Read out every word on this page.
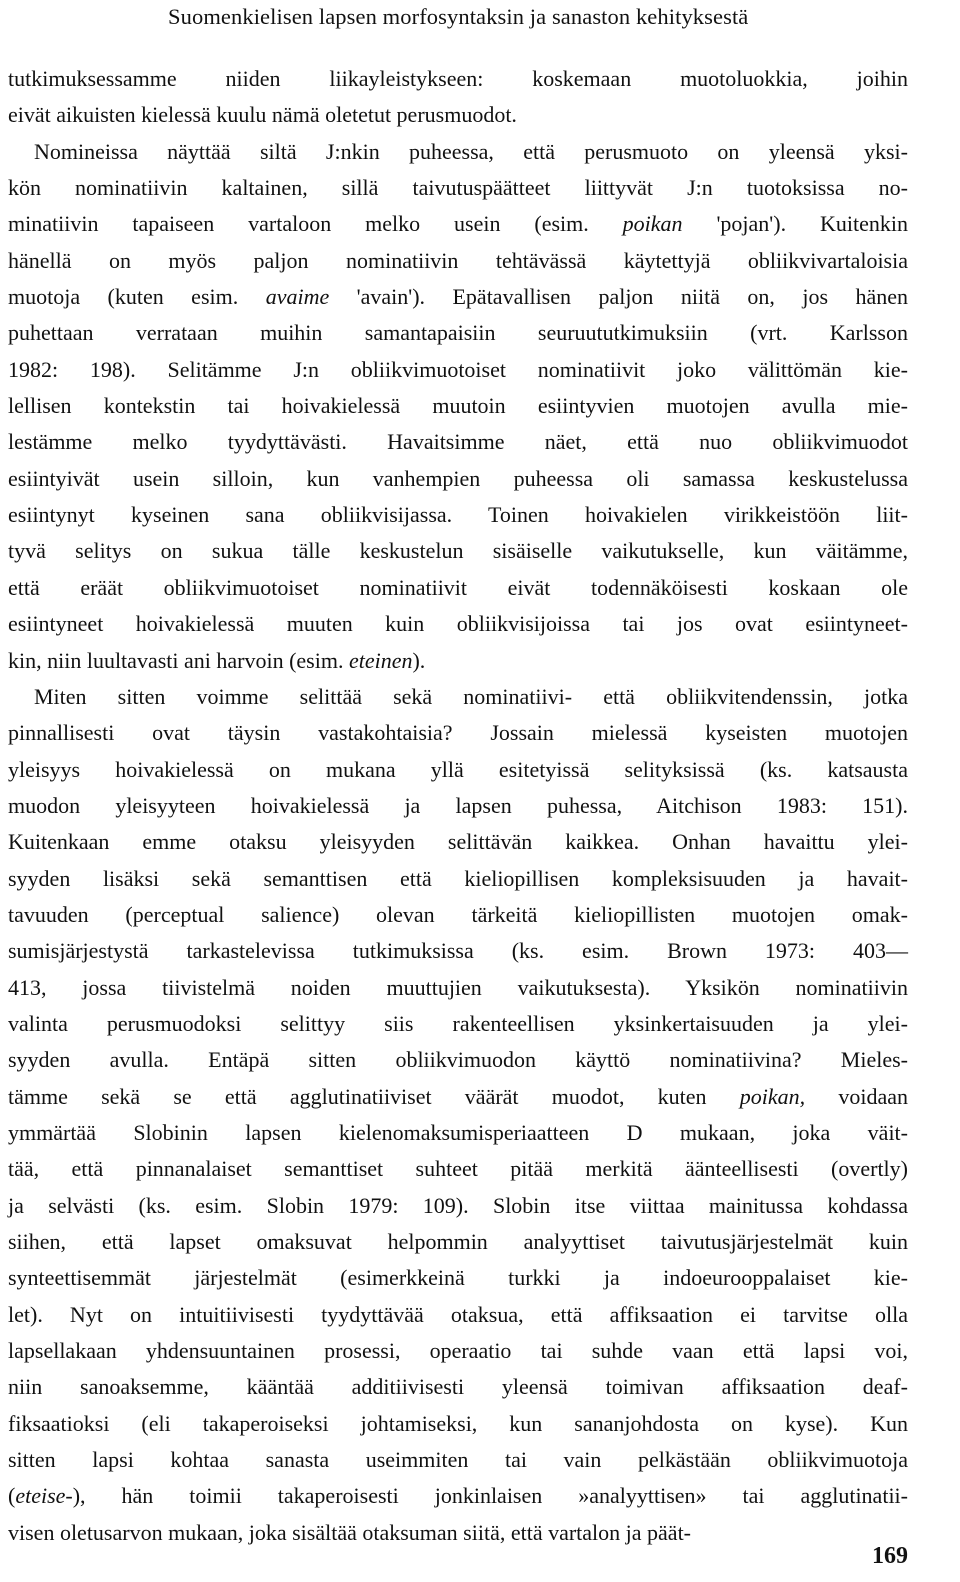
Suomenkielisen lapsen morfosyntaksin ja sanaston kehityksestä
tutkimuksessamme niiden liikayleistykseen: koskemaan muotoluokkia, joihin
eivät aikuisten kielessä kuulu nämä oletetut perusmuodot.
Nomineissa näyttää siltä J:nkin puheessa, että perusmuoto on yleensä yksi-
kön nominatiivin kaltainen, sillä taivutuspäätteet liittyvät J:n tuotoksissa no-
minatiivin tapaiseen vartaloon melko usein (esim. poikan 'pojan'). Kuitenkin
hänellä on myös paljon nominatiivin tehtävässä käytettyjä obliikvivartaloisia
muotoja (kuten esim. avaime 'avain'). Epätavallisen paljon niitä on, jos hänen
puhettaan verrataan muihin samantapaisiin seuruututkimuksiin (vrt. Karlsson
1982: 198). Selitämme J:n obliikvimuotoiset nominatiivit joko välittömän kie-
lellisen kontekstin tai hoivakielessä muutoin esiintyvien muotojen avulla mie-
lestämme melko tyydyttävästi. Havaitsimme näet, että nuo obliikvimuodot
esiintyivät usein silloin, kun vanhempien puheessa oli samassa keskustelussa
esiintynyt kyseinen sana obliikvisijassa. Toinen hoivakielen virikkeistöön liit-
tyvä selitys on sukua tälle keskustelun sisäiselle vaikutukselle, kun väitämme,
että eräät obliikvimuotoiset nominatiivit eivät todennäköisesti koskaan ole
esiintyneet hoivakielessä muuten kuin obliikvisijoissa tai jos ovat esiintyneet-
kin, niin luultavasti ani harvoin (esim. eteinen).
Miten sitten voimme selittää sekä nominatiivi- että obliikvitendenssin, jotka
pinnallisesti ovat täysin vastakohtaisia? Jossain mielessä kyseisten muotojen
yleisyys hoivakielessä on mukana yllä esitetyissä selityksissä (ks. katsausta
muodon yleisyyteen hoivakielessä ja lapsen puhessa, Aitchison 1983: 151).
Kuitenkaan emme otaksu yleisyyden selittävän kaikkea. Onhan havaittu ylei-
syyden lisäksi sekä semanttisen että kieliopillisen kompleksisuuden ja havait-
tavuuden (perceptual salience) olevan tärkeitä kieliopillisten muotojen omak-
sumisjärjestystä tarkastelevissa tutkimuksissa (ks. esim. Brown 1973: 403—
413, jossa tiivistelmä noiden muuttujien vaikutuksesta). Yksikön nominatiivin
valinta perusmuodoksi selittyy siis rakenteellisen yksinkertaisuuden ja ylei-
syyden avulla. Entäpä sitten obliikvimuodon käyttö nominatiivina? Mieles-
tämme sekä se että agglutinatiiviset väärät muodot, kuten poikan, voidaan
ymmärtää Slobinin lapsen kielenomaksumisperiaatteen D mukaan, joka väit-
tää, että pinnanalaiset semanttiset suhteet pitää merkitä äänteellisesti (overtly)
ja selvästi (ks. esim. Slobin 1979: 109). Slobin itse viittaa mainitussa kohdassa
siihen, että lapset omaksuvat helpommin analyyttiset taivutusjärjestelmät kuin
synteettisemmät järjestelmät (esimerkkeinä turkki ja indoeurooppalaiset kie-
let). Nyt on intuitiivisesti tyydyttävää otaksua, että affiksaation ei tarvitse olla
lapsellakaan yhdensuuntainen prosessi, operaatio tai suhde vaan että lapsi voi,
niin sanoaksemme, kääntää additiivisesti yleensä toimivan affiksaation deaf-
fiksaatioksi (eli takaperoiseksi johtamiseksi, kun sananjohdosta on kyse). Kun
sitten lapsi kohtaa sanasta useimmiten tai vain pelkästään obliikvimuotoja
(eteise-), hän toimii takaperoisesti jonkinlaisen »analyyttisen» tai agglutinatii-
visen oletusarvon mukaan, joka sisältää otaksuman siitä, että vartalon ja päät-
169
